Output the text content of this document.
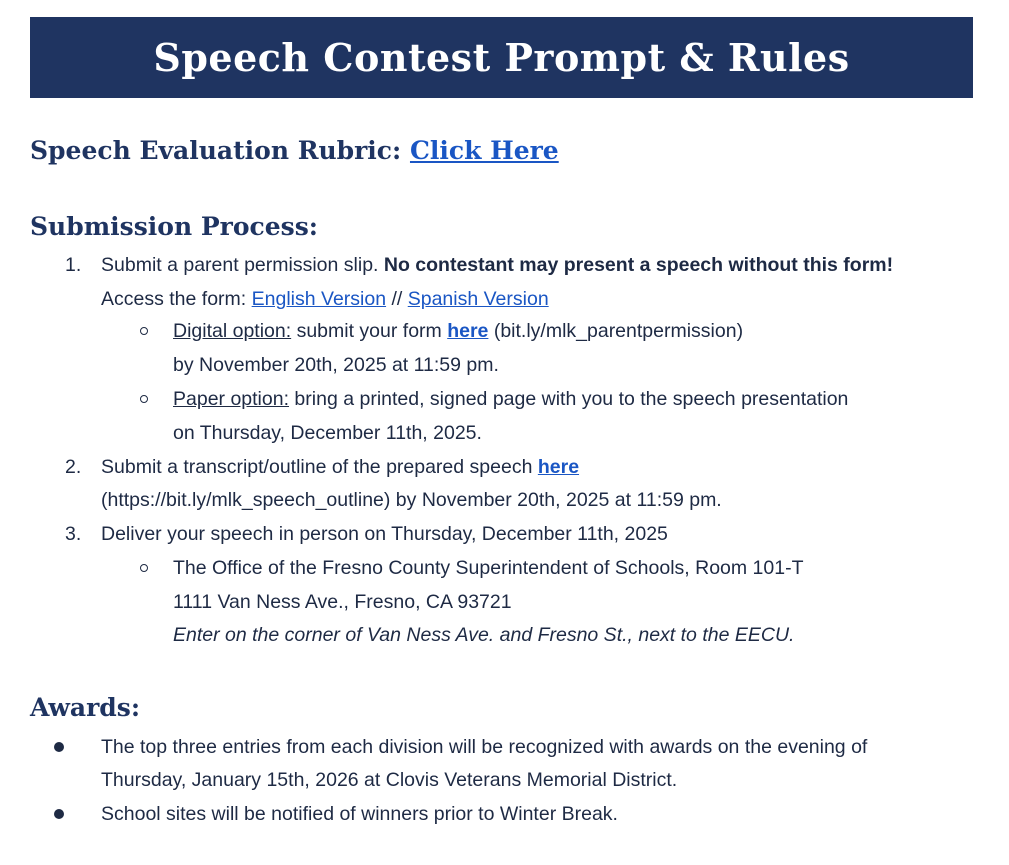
Speech Contest Prompt & Rules
Speech Evaluation Rubric: Click Here
Submission Process:
1. Submit a parent permission slip. No contestant may present a speech without this form!
Access the form: English Version // Spanish Version
Digital option: submit your form here (bit.ly/mlk_parentpermission)
by November 20th, 2025 at 11:59 pm.
Paper option: bring a printed, signed page with you to the speech presentation
on Thursday, December 11th, 2025.
2. Submit a transcript/outline of the prepared speech here
(https://bit.ly/mlk_speech_outline) by November 20th, 2025 at 11:59 pm.
3. Deliver your speech in person on Thursday, December 11th, 2025
The Office of the Fresno County Superintendent of Schools, Room 101-T
1111 Van Ness Ave., Fresno, CA 93721
Enter on the corner of Van Ness Ave. and Fresno St., next to the EECU.
Awards:
The top three entries from each division will be recognized with awards on the evening of
Thursday, January 15th, 2026 at Clovis Veterans Memorial District.
School sites will be notified of winners prior to Winter Break.
